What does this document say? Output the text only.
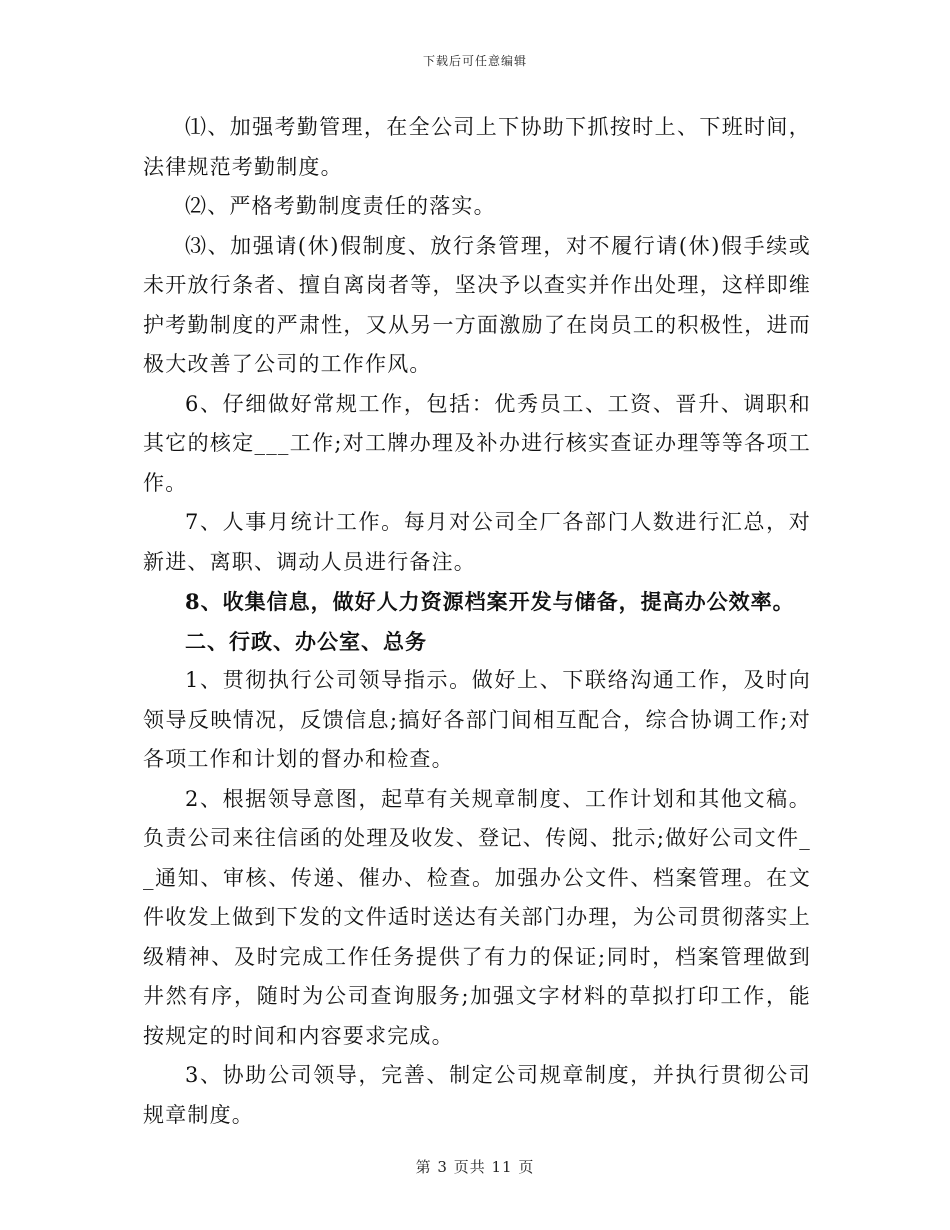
下载后可任意编辑

⑴、加强考勤管理，在全公司上下协助下抓按时上、下班时间，法律规范考勤制度。

⑵、严格考勤制度责任的落实。

⑶、加强请(休)假制度、放行条管理，对不履行请(休)假手续或未开放行条者、擅自离岗者等，坚决予以查实并作出处理，这样即维护考勤制度的严肃性，又从另一方面激励了在岗员工的积极性，进而极大改善了公司的工作作风。

6、仔细做好常规工作，包括：优秀员工、工资、晋升、调职和其它的核定___工作;对工牌办理及补办进行核实查证办理等等各项工作。

7、人事月统计工作。每月对公司全厂各部门人数进行汇总，对新进、离职、调动人员进行备注。

8、收集信息，做好人力资源档案开发与储备，提高办公效率。

二、行政、办公室、总务

1、贯彻执行公司领导指示。做好上、下联络沟通工作，及时向领导反映情况，反馈信息;搞好各部门间相互配合，综合协调工作;对各项工作和计划的督办和检查。

2、根据领导意图，起草有关规章制度、工作计划和其他文稿。负责公司来往信函的处理及收发、登记、传阅、批示;做好公司文件__通知、审核、传递、催办、检查。加强办公文件、档案管理。在文件收发上做到下发的文件适时送达有关部门办理，为公司贯彻落实上级精神、及时完成工作任务提供了有力的保证;同时，档案管理做到井然有序，随时为公司查询服务;加强文字材料的草拟打印工作，能按规定的时间和内容要求完成。

3、协助公司领导，完善、制定公司规章制度，并执行贯彻公司规章制度。

第 3 页共 11 页
